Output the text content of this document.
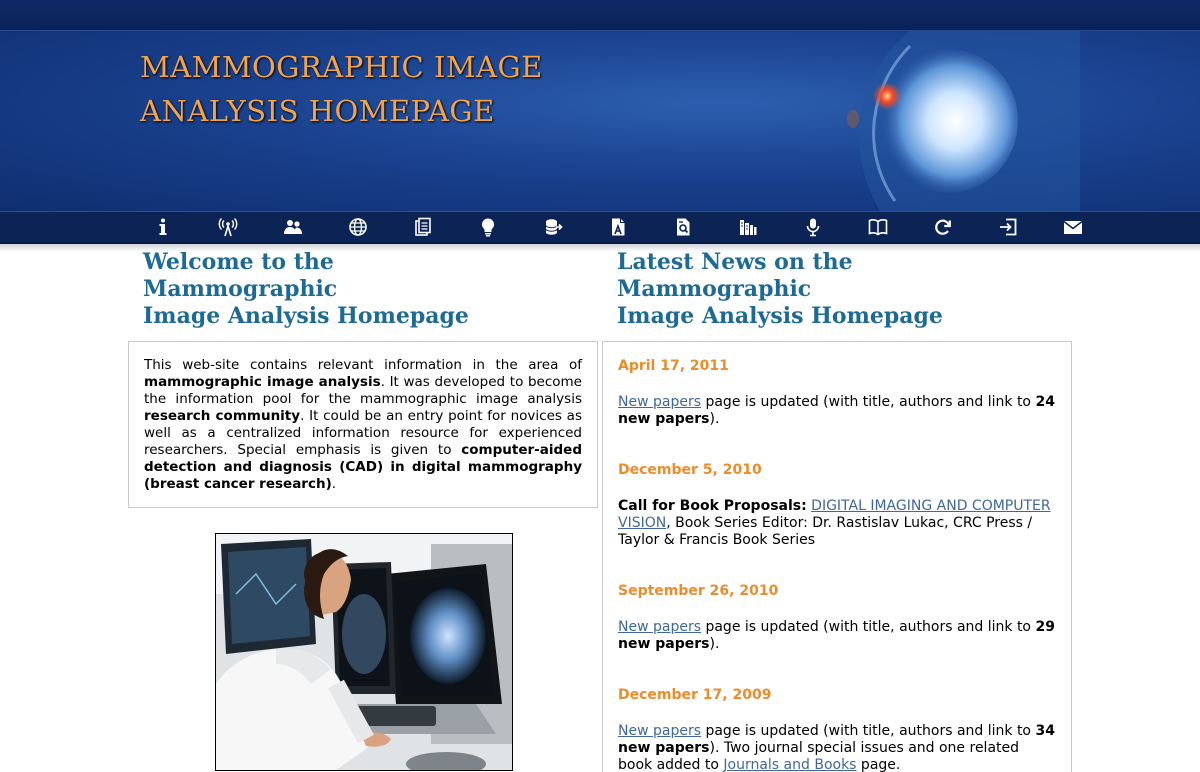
MAMMOGRAPHIC IMAGE
ANALYSIS HOMEPAGE
Welcome to the Mammographic
Image Analysis Homepage
This web-site contains relevant information in the area of mammographic image analysis. It was developed to become the information pool for the mammographic image analysis research community. It could be an entry point for novices as well as a centralized information resource for experienced researchers. Special emphasis is given to computer-aided detection and diagnosis (CAD) in digital mammography (breast cancer research).
Latest News on the Mammographic
Image Analysis Homepage
April 17, 2011
New papers page is updated (with title, authors and link to 24 new papers).
December 5, 2010
Call for Book Proposals: DIGITAL IMAGING AND COMPUTER VISION, Book Series Editor: Dr. Rastislav Lukac, CRC Press / Taylor & Francis Book Series
September 26, 2010
New papers page is updated (with title, authors and link to 29 new papers).
December 17, 2009
New papers page is updated (with title, authors and link to 34 new papers). Two journal special issues and one related book added to Journals and Books page.
